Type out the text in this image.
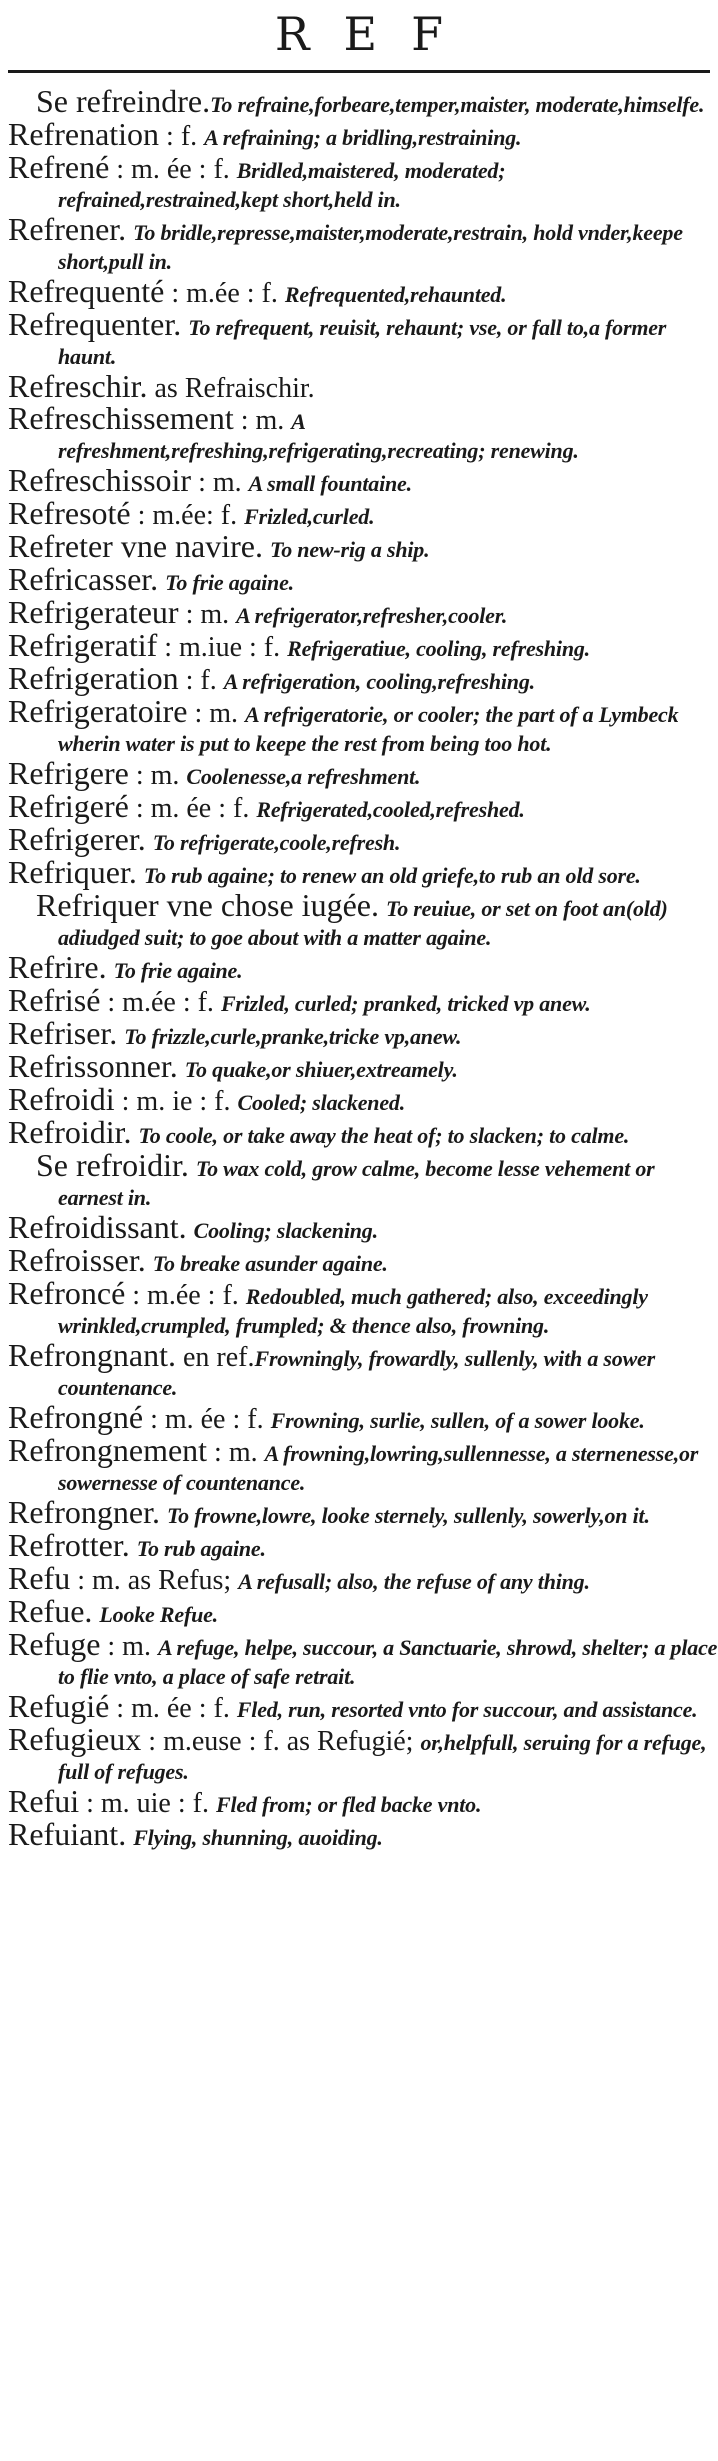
REF
Se refreindre.To refraine,forbeare,temper,maister, moderate,himselfe.
Refrenation : f. A refraining; a bridling,restraining.
Refrené : m. ée : f. Bridled,maistered, moderated; refrained,restrained,kept short,held in.
Refrener. To bridle,represse,maister,moderate,restrain, hold vnder,keepe short,pull in.
Refrequenté : m.ée : f. Refrequented,rehaunted.
Refrequenter. To refrequent, reuisit, rehaunt; vse, or fall to,a former haunt.
Refreschir. as Refraischir.
Refreschissement : m. A refreshment,refreshing,refrigerating,recreating; renewing.
Refreschissoir : m. A small fountaine.
Refresoté : m.ée: f. Frizled,curled.
Refreter vne navire. To new-rig a ship.
Refricasser. To frie againe.
Refrigerateur : m. A refrigerator,refresher,cooler.
Refrigeratif : m.iue : f. Refrigeratiue, cooling, refreshing.
Refrigeration : f. A refrigeration, cooling,refreshing.
Refrigeratoire : m. A refrigeratorie, or cooler; the part of a Lymbeck wherin water is put to keepe the rest from being too hot.
Refrigere : m. Coolenesse,a refreshment.
Refrigeré : m. ée : f. Refrigerated,cooled,refreshed.
Refrigerer. To refrigerate,coole,refresh.
Refriquer. To rub againe; to renew an old griefe,to rub an old sore.
Refriquer vne chose iugée. To reuiue, or set on foot an(old) adiudged suit; to goe about with a matter againe.
Refrire. To frie againe.
Refrisé : m.ée : f. Frizled, curled; pranked, tricked vp anew.
Refriser. To frizzle,curle,pranke,tricke vp,anew.
Refrissonner. To quake,or shiuer,extreamely.
Refroidi : m. ie : f. Cooled; slackened.
Refroidir. To coole, or take away the heat of; to slacken; to calme.
Se refroidir. To wax cold, grow calme, become lesse vehement or earnest in.
Refroidissant. Cooling; slackening.
Refroisser. To breake asunder againe.
Refroncé : m.ée : f. Redoubled, much gathered; also, exceedingly wrinkled,crumpled, frumpled; & thence also, frowning.
Refrongnant. en ref.Frowningly, frowardly, sullenly, with a sower countenance.
Refrongné : m. ée : f. Frowning, surlie, sullen, of a sower looke.
Refrongnement : m. A frowning,lowring,sullennesse, a sternenesse,or sowernesse of countenance.
Refrongner. To frowne,lowre, looke sternely, sullenly, sowerly,on it.
Refrotter. To rub againe.
Refu : m. as Refus; A refusall; also, the refuse of any thing.
Refue. Looke Refue.
Refuge : m. A refuge, helpe, succour, a Sanctuarie, shrowd, shelter; a place to flie vnto, a place of safe retrait.
Refugié : m. ée : f. Fled, run, resorted vnto for succour, and assistance.
Refugieux : m.euse : f. as Refugié; or,helpfull, seruing for a refuge, full of refuges.
Refui : m. uie : f. Fled from; or fled backe vnto.
Refuiant. Flying, shunning, auoiding.
